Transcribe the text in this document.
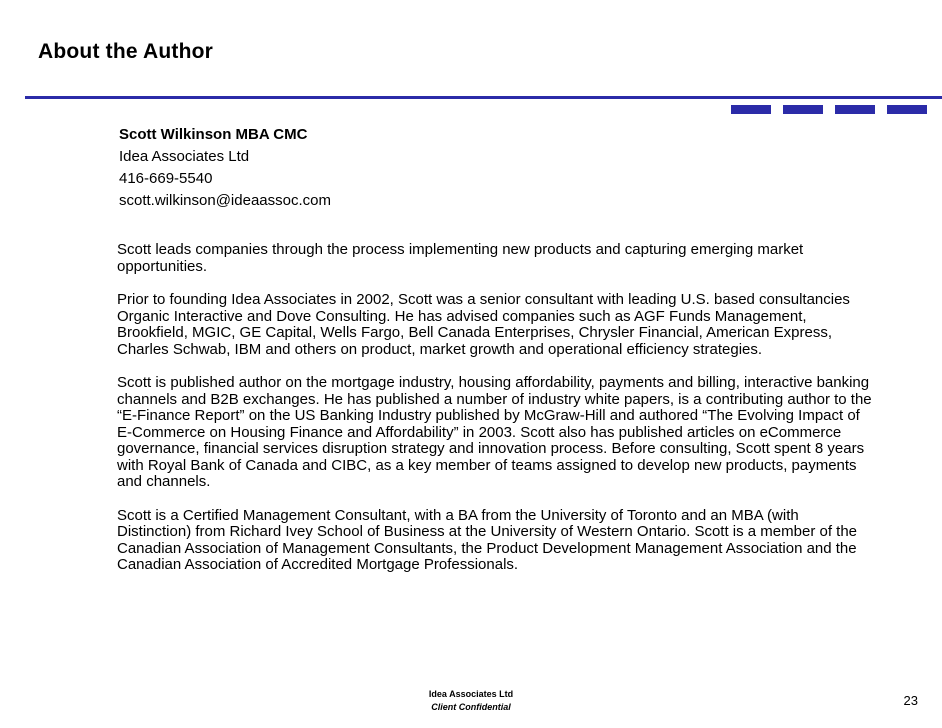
About the Author
Scott Wilkinson MBA CMC
Idea Associates Ltd
416-669-5540
scott.wilkinson@ideaassoc.com

Scott leads companies through the process implementing new products and capturing emerging market opportunities.

Prior to founding Idea Associates in 2002, Scott was a senior consultant with leading U.S. based consultancies Organic Interactive and Dove Consulting. He has advised companies such as AGF Funds Management, Brookfield, MGIC, GE Capital, Wells Fargo, Bell Canada Enterprises, Chrysler Financial, American Express, Charles Schwab, IBM and others on product, market growth and operational efficiency strategies.

Scott is published author on the mortgage industry, housing affordability, payments and billing, interactive banking channels and B2B exchanges. He has published a number of industry white papers, is a contributing author to the “E-Finance Report” on the US Banking Industry published by McGraw-Hill and authored “The Evolving Impact of E-Commerce on Housing Finance and Affordability” in 2003. Scott also has published articles on eCommerce governance, financial services disruption strategy and innovation process. Before consulting, Scott spent 8 years with Royal Bank of Canada and CIBC, as a key member of teams assigned to develop new products, payments and channels.

Scott is a Certified Management Consultant, with a BA from the University of Toronto and an MBA (with Distinction) from Richard Ivey School of Business at the University of Western Ontario. Scott is a member of the Canadian Association of Management Consultants, the Product Development Management Association and the Canadian Association of Accredited Mortgage Professionals.

Idea Associates Ltd
Client Confidential	23
